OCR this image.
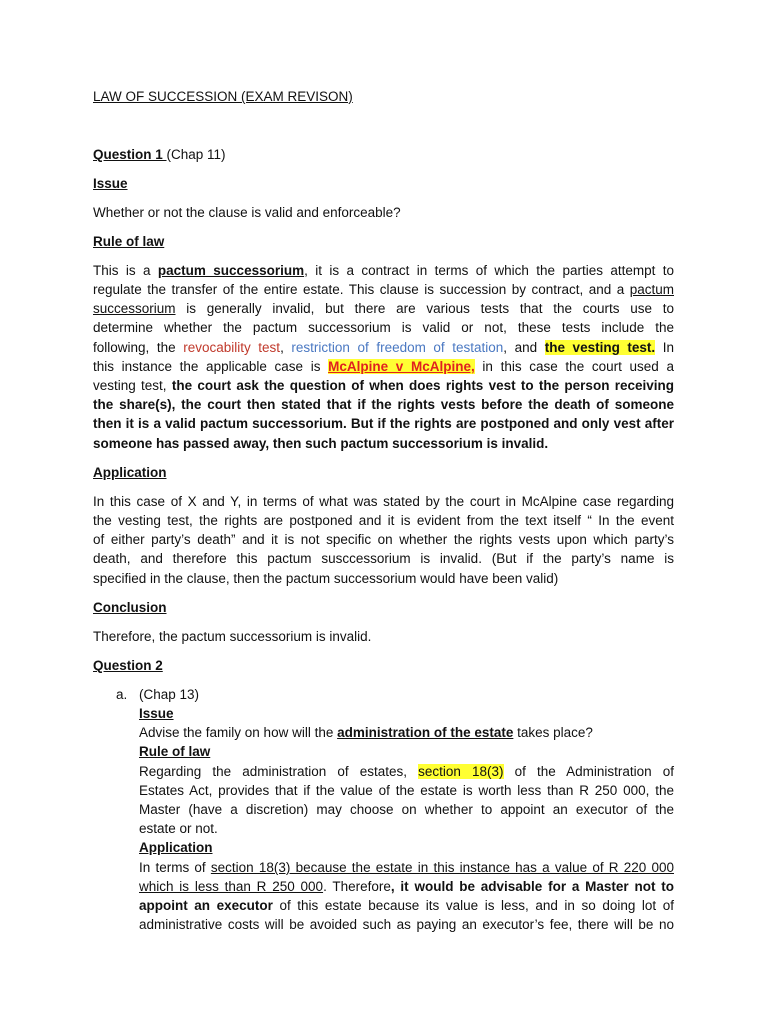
LAW OF SUCCESSION (EXAM REVISON)
Question 1 (Chap 11)
Issue
Whether or not the clause is valid and enforceable?
Rule of law
This is a pactum successorium, it is a contract in terms of which the parties attempt to
regulate the transfer of the entire estate. This clause is succession by contract, and a pactum
successorium is generally invalid, but there are various tests that the courts use to
determine whether the pactum successorium is valid or not, these tests include the
following, the revocability test, restriction of freedom of testation, and the vesting test. In
this instance the applicable case is McAlpine v McAlpine, in this case the court used a
vesting test, the court ask the question of when does rights vest to the person receiving
the share(s), the court then stated that if the rights vests before the death of someone
then it is a valid pactum successorium. But if the rights are postponed and only vest after
someone has passed away, then such pactum successorium is invalid.
Application
In this case of X and Y, in terms of what was stated by the court in McAlpine case regarding
the vesting test, the rights are postponed and it is evident from the text itself “ In the event
of either party’s death” and it is not specific on whether the rights vests upon which party’s
death, and therefore this pactum susccessorium is invalid. (But if the party’s name is
specified in the clause, then the pactum successorium would have been valid)
Conclusion
Therefore, the pactum successorium is invalid.
Question 2
a. (Chap 13)
Issue
Advise the family on how will the administration of the estate takes place?
Rule of law
Regarding the administration of estates, section 18(3) of the Administration of
Estates Act, provides that if the value of the estate is worth less than R 250 000, the
Master (have a discretion) may choose on whether to appoint an executor of the
estate or not.
Application
In terms of section 18(3) because the estate in this instance has a value of R 220 000
which is less than R 250 000. Therefore, it would be advisable for a Master not to
appoint an executor of this estate because its value is less, and in so doing lot of
administrative costs will be avoided such as paying an executor’s fee, there will be no
